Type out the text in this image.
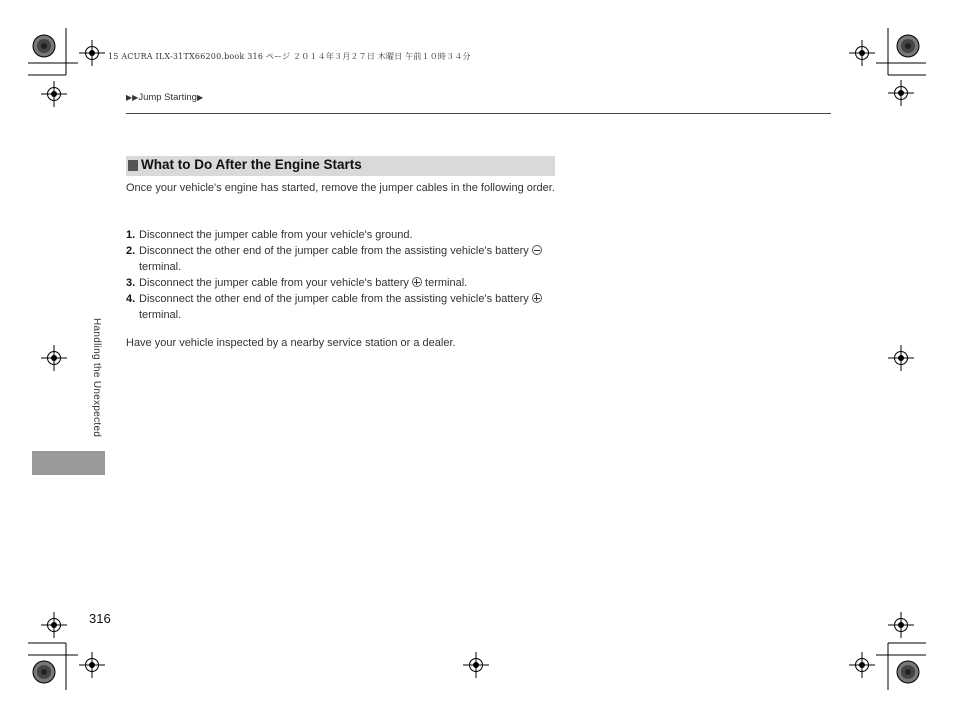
15 ACURA ILX-31TX66200.book 316 ページ ２０１４年３月２７日 木曜日 午前１０時３４分
▶▶Jump Starting▶
What to Do After the Engine Starts
Once your vehicle's engine has started, remove the jumper cables in the following order.
1. Disconnect the jumper cable from your vehicle's ground.
2. Disconnect the other end of the jumper cable from the assisting vehicle's battery  terminal.
3. Disconnect the jumper cable from your vehicle's battery terminal.
4. Disconnect the other end of the jumper cable from the assisting vehicle's battery  terminal.
Have your vehicle inspected by a nearby service station or a dealer.
Handling the Unexpected
316
